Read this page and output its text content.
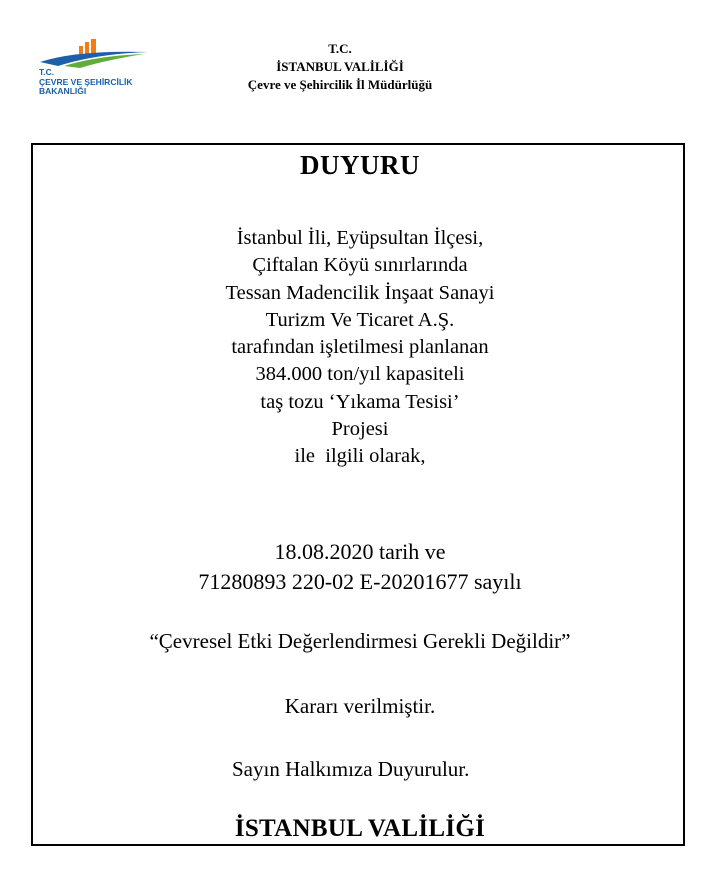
T.C.
ÇEVRE VE ŞEHİRCİLİK
BAKANLIĞI
T.C.
İSTANBUL VALİLİĞİ
Çevre ve Şehircilik İl Müdürlüğü
DUYURU
İstanbul İli, Eyüpsultan İlçesi,
Çiftalan Köyü sınırlarında
Tessan Madencilik İnşaat Sanayi
Turizm Ve Ticaret A.Ş.
tarafından işletilmesi planlanan
384.000 ton/yıl kapasiteli
taş tozu ‘Yıkama Tesisi’
Projesi
ile  ilgili olarak,
18.08.2020 tarih ve
71280893 220-02 E-20201677 sayılı
“Çevresel Etki Değerlendirmesi Gerekli Değildir”
Kararı verilmiştir.
Sayın Halkımıza Duyurulur.
İSTANBUL VALİLİĞİ
